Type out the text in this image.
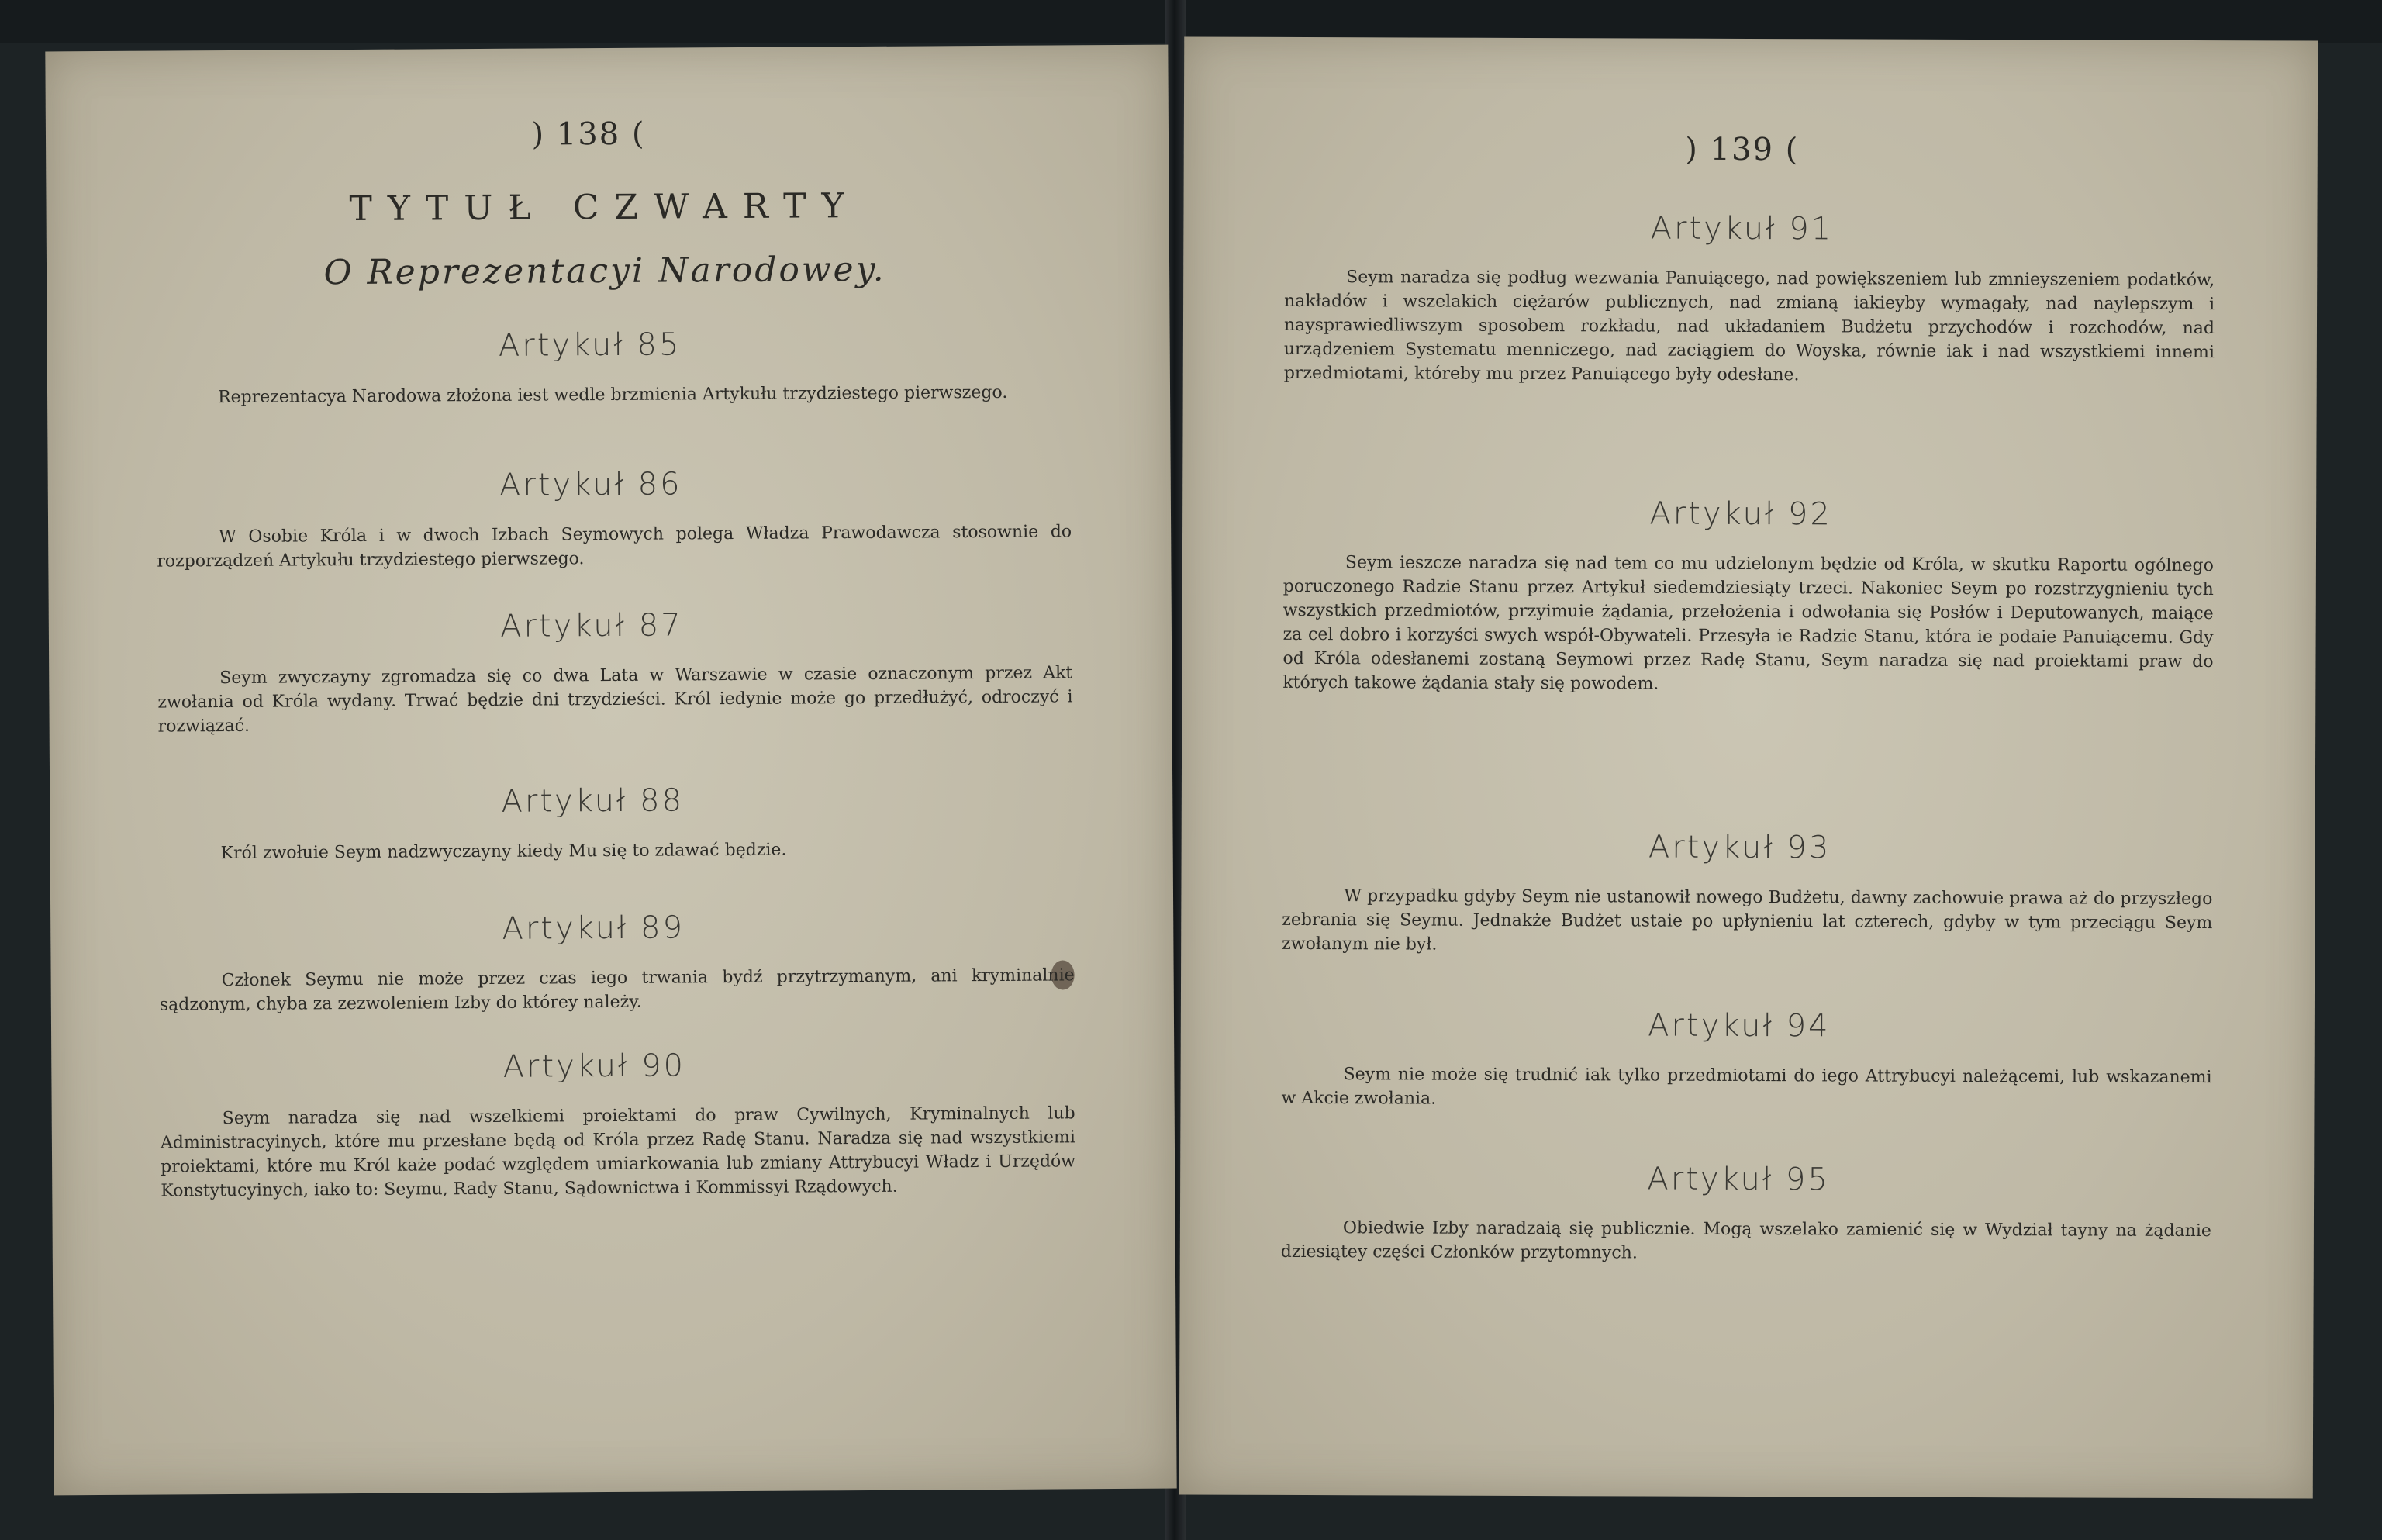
) 138 (
TYTUŁ CZWARTY
O Reprezentacyi Narodowey.
Artykuł 85

Reprezentacya Narodowa złożona iest wedle brzmienia Artykułu trzydziestego pierwszego.

Artykuł 86

W Osobie Króla i w dwoch Izbach Seymowych polega Władza Prawodawcza stosownie do rozporządzeń Artykułu trzydziestego pierwszego.

Artykuł 87

Seym zwyczayny zgromadza się co dwa Lata w Warszawie w czasie oznaczonym przez Akt zwołania od Króla wydany. Trwać będzie dni trzydzieści. Król iedynie może go przedłużyć, odroczyć i rozwiązać.

Artykuł 88

Król zwołuie Seym nadzwyczayny kiedy Mu się to zdawać będzie.

Artykuł 89

Członek Seymu nie może przez czas iego trwania bydź przytrzymanym, ani kryminalnie sądzonym, chyba za zezwoleniem Izby do którey należy.

Artykuł 90

Seym naradza się nad wszelkiemi proiektami do praw Cywilnych, Kryminalnych lub Administracyinych, które mu przesłane będą od Króla przez Radę Stanu. Naradza się nad wszystkiemi proiektami, które mu Król każe podać względem umiarkowania lub zmiany Attrybucyi Władz i Urzędów Konstytucyinych, iako to: Seymu, Rady Stanu, Sądownictwa i Kommissyi Rządowych.

) 139 (
Artykuł 91

Seym naradza się podług wezwania Panuiącego, nad powiększeniem lub zmnieyszeniem podatków, nakładów i wszelakich ciężarów publicznych, nad zmianą iakieyby wymagały, nad naylepszym i naysprawiedliwszym sposobem rozkładu, nad układaniem Budżetu przychodów i rozchodów, nad urządzeniem Systematu menniczego, nad zaciągiem do Woyska, równie iak i nad wszystkiemi innemi przedmiotami, któreby mu przez Panuiącego były odesłane.

Artykuł 92

Seym ieszcze naradza się nad tem co mu udzielonym będzie od Króla, w skutku Raportu ogólnego poruczonego Radzie Stanu przez Artykuł siedemdziesiąty trzeci. Nakoniec Seym po rozstrzygnieniu tych wszystkich przedmiotów, przyimuie żądania, przełożenia i odwołania się Posłów i Deputowanych, maiące za cel dobro i korzyści swych współ-Obywateli. Przesyła ie Radzie Stanu, która ie podaie Panuiącemu. Gdy od Króla odesłanemi zostaną Seymowi przez Radę Stanu, Seym naradza się nad proiektami praw do których takowe żądania stały się powodem.

Artykuł 93

W przypadku gdyby Seym nie ustanowił nowego Budżetu, dawny zachowuie prawa aż do przyszłego zebrania się Seymu. Jednakże Budżet ustaie po upłynieniu lat czterech, gdyby w tym przeciągu Seym zwołanym nie był.

Artykuł 94

Seym nie może się trudnić iak tylko przedmiotami do iego Attrybucyi należącemi, lub wskazanemi w Akcie zwołania.

Artykuł 95

Obiedwie Izby naradzaią się publicznie. Mogą wszelako zamienić się w Wydział tayny na żądanie dziesiątey części Członków przytomnych.
